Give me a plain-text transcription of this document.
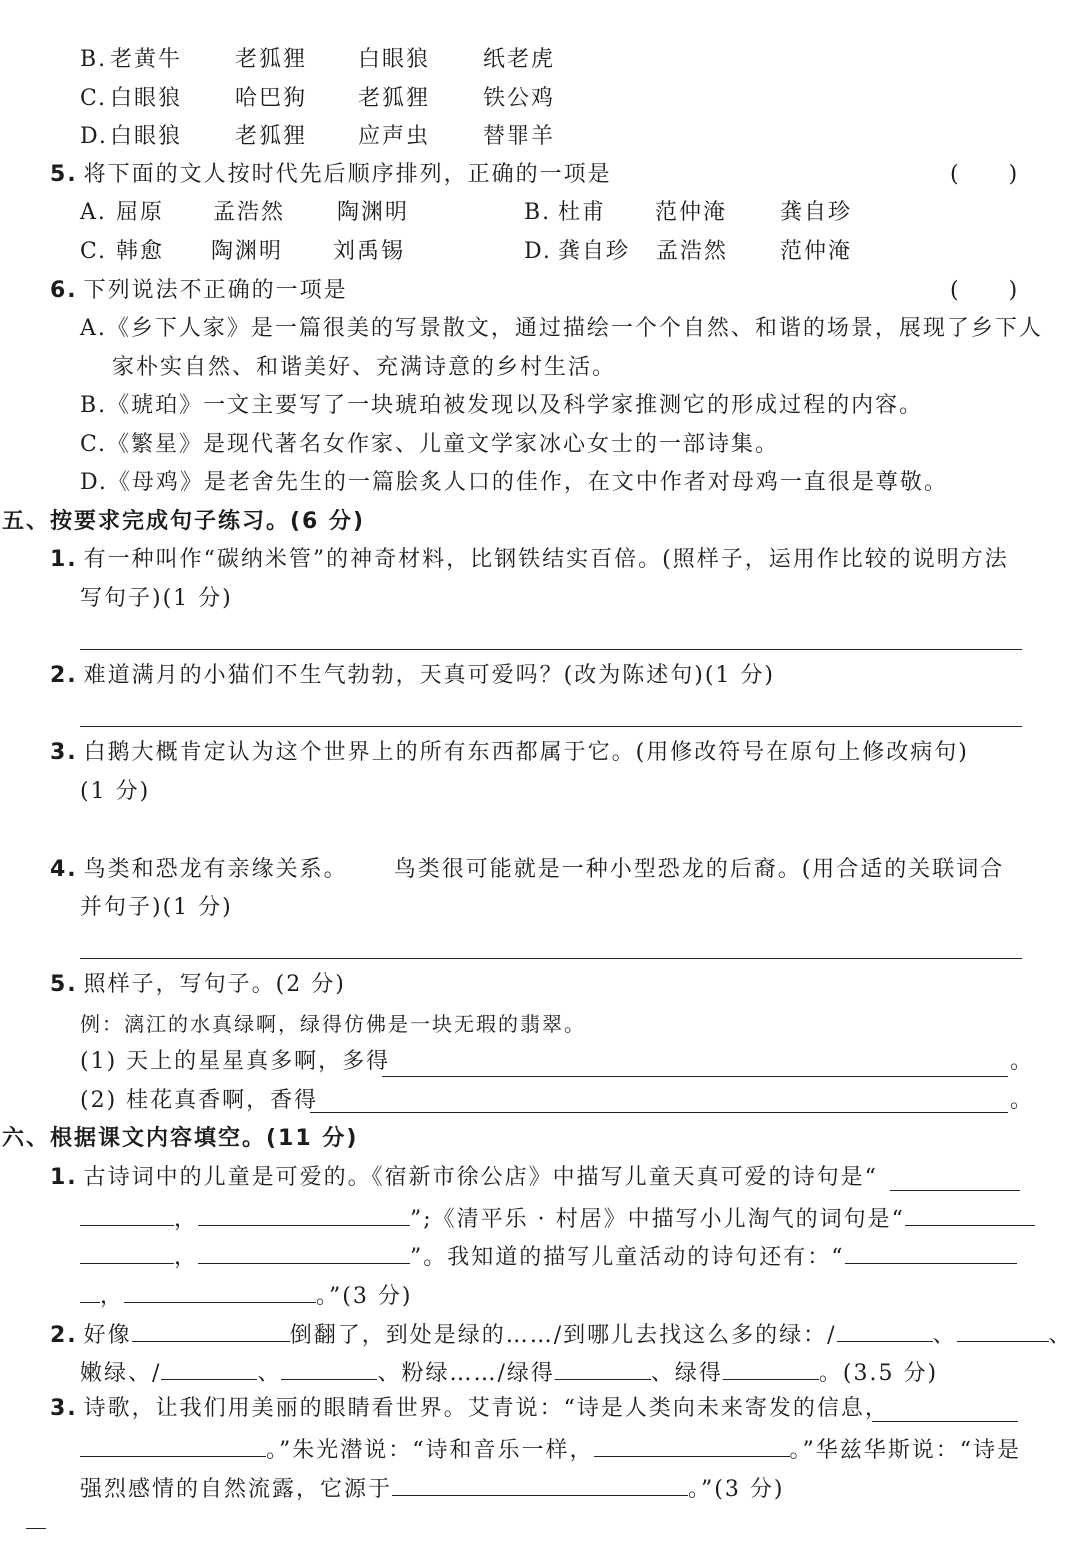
B. 老黄牛 老狐狸 白眼狼 纸老虎
C. 白眼狼 哈巴狗 老狐狸 铁公鸡
D. 白眼狼 老狐狸 应声虫 替罪羊
5. 将下面的文人按时代先后顺序排列，正确的一项是	(　　)
A. 屈原 孟浩然 陶渊明	B. 杜甫 范仲淹 龚自珍
C. 韩愈 陶渊明 刘禹锡	D. 龚自珍 孟浩然 范仲淹
6. 下列说法不正确的一项是	(　　)
A.《乡下人家》是一篇很美的写景散文，通过描绘一个个自然、和谐的场景，展现了乡下人
家朴实自然、和谐美好、充满诗意的乡村生活。
B.《琥珀》一文主要写了一块琥珀被发现以及科学家推测它的形成过程的内容。
C.《繁星》是现代著名女作家、儿童文学家冰心女士的一部诗集。
D.《母鸡》是老舍先生的一篇脍炙人口的佳作，在文中作者对母鸡一直很是尊敬。
五、按要求完成句子练习。(6 分)
1. 有一种叫作“碳纳米管”的神奇材料，比钢铁结实百倍。(照样子，运用作比较的说明方法
写句子)(1 分)
2. 难道满月的小猫们不生气勃勃，天真可爱吗？(改为陈述句)(1 分)
3. 白鹅大概肯定认为这个世界上的所有东西都属于它。(用修改符号在原句上修改病句)
(1 分)
4. 鸟类和恐龙有亲缘关系。 鸟类很可能就是一种小型恐龙的后裔。(用合适的关联词合
并句子)(1 分)
5. 照样子，写句子。(2 分)
例：漓江的水真绿啊，绿得仿佛是一块无瑕的翡翠。
(1) 天上的星星真多啊，多得	。
(2) 桂花真香啊，香得	。
六、根据课文内容填空。(11 分)
1. 古诗词中的儿童是可爱的。《宿新市徐公店》中描写儿童天真可爱的诗句是“
，	”;《清平乐 · 村居》中描写小儿淘气的词句是“
，	”。我知道的描写儿童活动的诗句还有：“
，	。”(3 分)
2. 好像	倒翻了，到处是绿的……/到哪儿去找这么多的绿：/	、	、
嫩绿、/	、	、粉绿……/绿得	、绿得	。(3.5 分)
3. 诗歌，让我们用美丽的眼睛看世界。艾青说：“诗是人类向未来寄发的信息，
。”朱光潜说：“诗和音乐一样，	。”华兹华斯说：“诗是
强烈感情的自然流露，它源于	。”(3 分)
